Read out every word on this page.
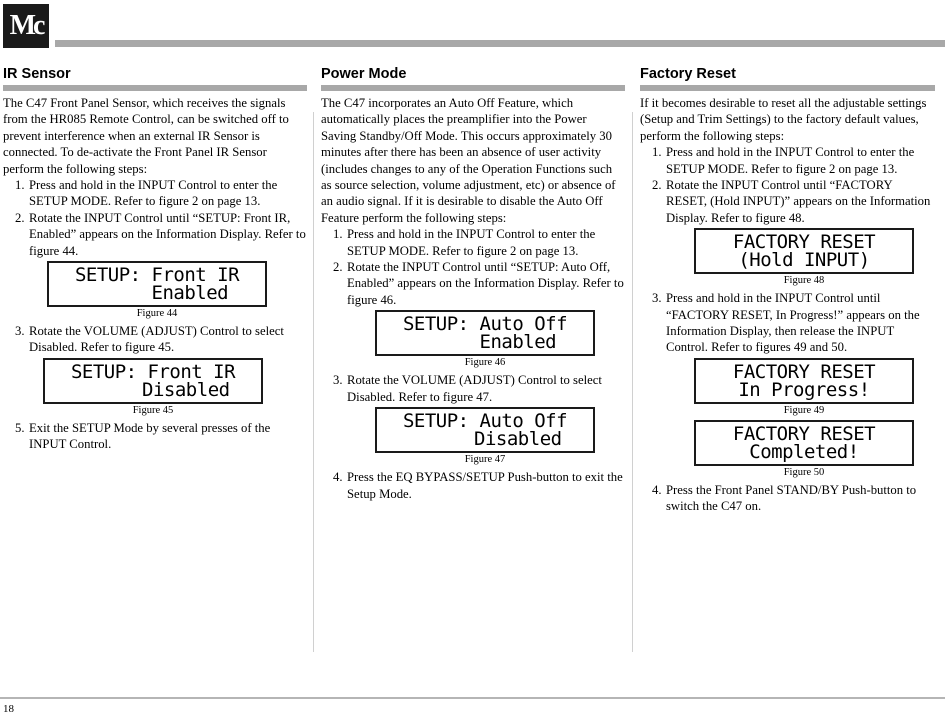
Mc
IR Sensor

The C47 Front Panel Sensor, which receives the signals from the HR085 Remote Control, can be switched off to prevent interference when an external IR Sensor is connected. To de-activate the Front Panel IR Sensor perform the following steps:

1. Press and hold in the INPUT Control to enter the SETUP MODE. Refer to figure 2 on page 13.
2. Rotate the INPUT Control until “SETUP: Front IR, Enabled” appears on the Information Display. Refer to figure 44.
SETUP: Front IR
Enabled
Figure 44
3. Rotate the VOLUME (ADJUST) Control to select Disabled. Refer to figure 45.
SETUP: Front IR
Disabled
Figure 45
5. Exit the SETUP Mode by several presses of the INPUT Control.
Power Mode

The C47 incorporates an Auto Off Feature, which automatically places the preamplifier into the Power Saving Standby/Off Mode. This occurs approximately 30 minutes after there has been an absence of user activity (includes changes to any of the Operation Functions such as source selection, volume adjustment, etc) or absence of an audio signal. If it is desirable to disable the Auto Off Feature perform the following steps:

1. Press and hold in the INPUT Control to enter the SETUP MODE. Refer to figure 2 on page 13.
2. Rotate the INPUT Control until “SETUP: Auto Off, Enabled” appears on the Information Display. Refer to figure 46.
SETUP: Auto Off
Enabled
Figure 46
3. Rotate the VOLUME (ADJUST) Control to select Disabled. Refer to figure 47.
SETUP: Auto Off
Disabled
Figure 47
4. Press the EQ BYPASS/SETUP Push-button to exit the Setup Mode.
Factory Reset

If it becomes desirable to reset all the adjustable settings (Setup and Trim Settings) to the factory default values, perform the following steps:

1. Press and hold in the INPUT Control to enter the SETUP MODE. Refer to figure 2 on page 13.
2. Rotate the INPUT Control until “FACTORY RESET, (Hold INPUT)” appears on the Information Display. Refer to figure 48.
FACTORY RESET
(Hold INPUT)
Figure 48
3. Press and hold in the INPUT Control until “FACTORY RESET, In Progress!” appears on the Information Display, then release the INPUT Control. Refer to figures 49 and 50.
FACTORY RESET
In Progress!
Figure 49
FACTORY RESET
Completed!
Figure 50
4. Press the Front Panel STAND/BY Push-button to switch the C47 on.
18
